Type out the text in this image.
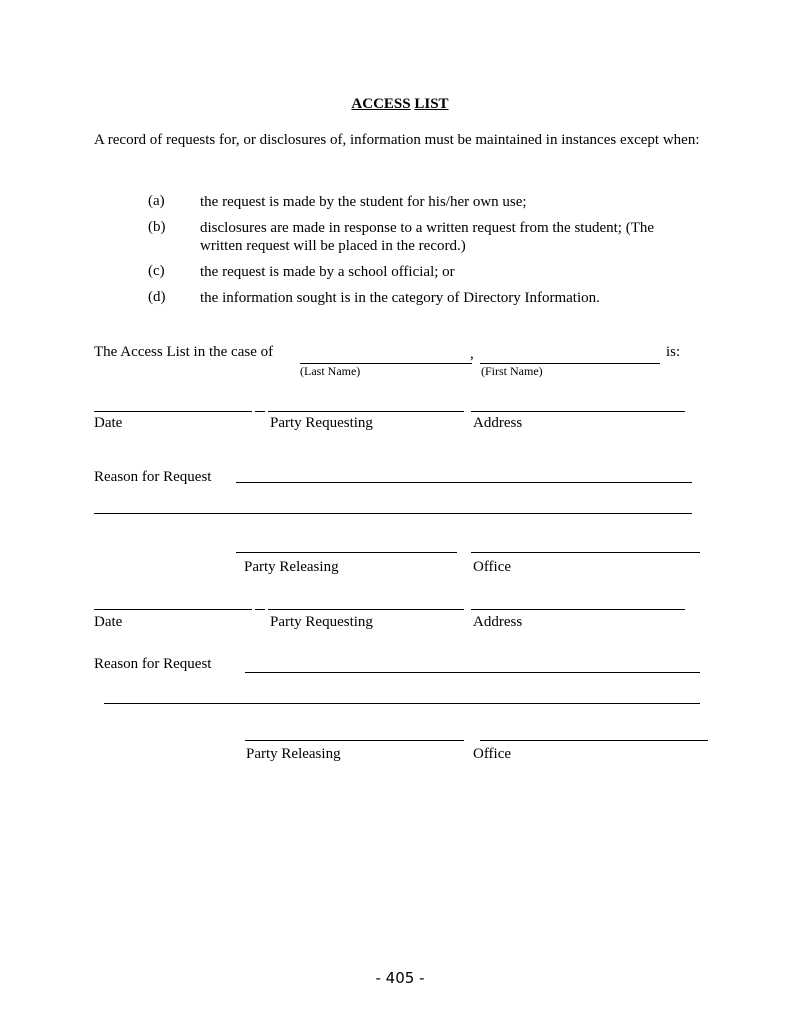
ACCESS LIST
A record of requests for, or disclosures of, information must be maintained in instances except when:
(a) the request is made by the student for his/her own use;
(b) disclosures are made in response to a written request from the student; (The written request will be placed in the record.)
(c) the request is made by a school official; or
(d) the information sought is in the category of Directory Information.
The Access List in the case of	,	is:
(Last Name)	(First Name)
Date	Party Requesting	Address
Reason for Request
Party Releasing	Office
Date	Party Requesting	Address
Reason for Request
Party Releasing	Office
- 405 -
